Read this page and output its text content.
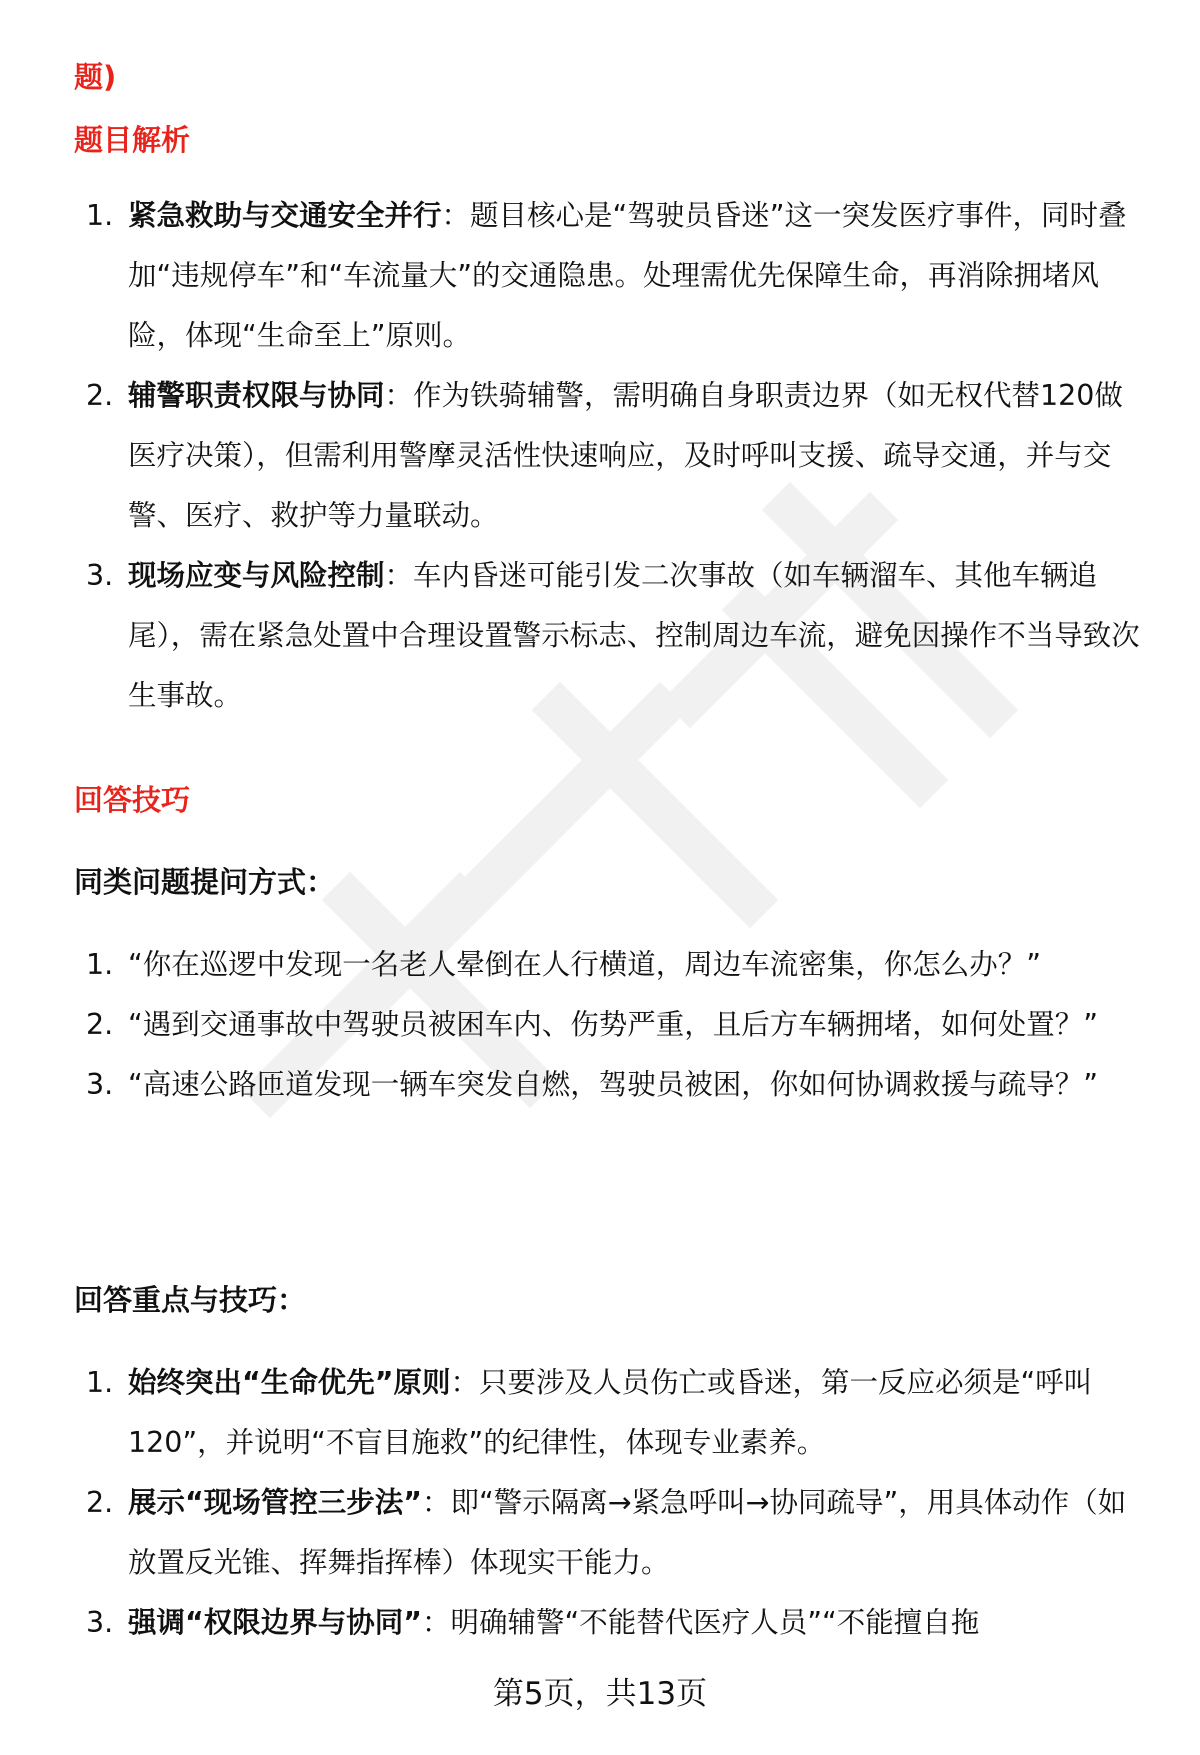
题)
题目解析
1. 紧急救助与交通安全并行：题目核心是“驾驶员昏迷”这一突发医疗事件，同时叠加“违规停车”和“车流量大”的交通隐患。处理需优先保障生命，再消除拥堵风险，体现“生命至上”原则。
2. 辅警职责权限与协同：作为铁骑辅警，需明确自身职责边界（如无权代替120做医疗决策），但需利用警摩灵活性快速响应，及时呼叫支援、疏导交通，并与交警、医疗、救护等力量联动。
3. 现场应变与风险控制：车内昏迷可能引发二次事故（如车辆溜车、其他车辆追尾），需在紧急处置中合理设置警示标志、控制周边车流，避免因操作不当导致次生事故。
回答技巧
同类问题提问方式：
1. “你在巡逻中发现一名老人晕倒在人行横道，周边车流密集，你怎么办？”
2. “遇到交通事故中驾驶员被困车内、伤势严重，且后方车辆拥堵，如何处置？”
3. “高速公路匝道发现一辆车突发自燃，驾驶员被困，你如何协调救援与疏导？”
回答重点与技巧：
1. 始终突出“生命优先”原则：只要涉及人员伤亡或昏迷，第一反应必须是“呼叫120”，并说明“不盲目施救”的纪律性，体现专业素养。
2. 展示“现场管控三步法”：即“警示隔离→紧急呼叫→协同疏导”，用具体动作（如放置反光锥、挥舞指挥棒）体现实干能力。
3. 强调“权限边界与协同”：明确辅警“不能替代医疗人员”“不能擅自拖
第5页，共13页
